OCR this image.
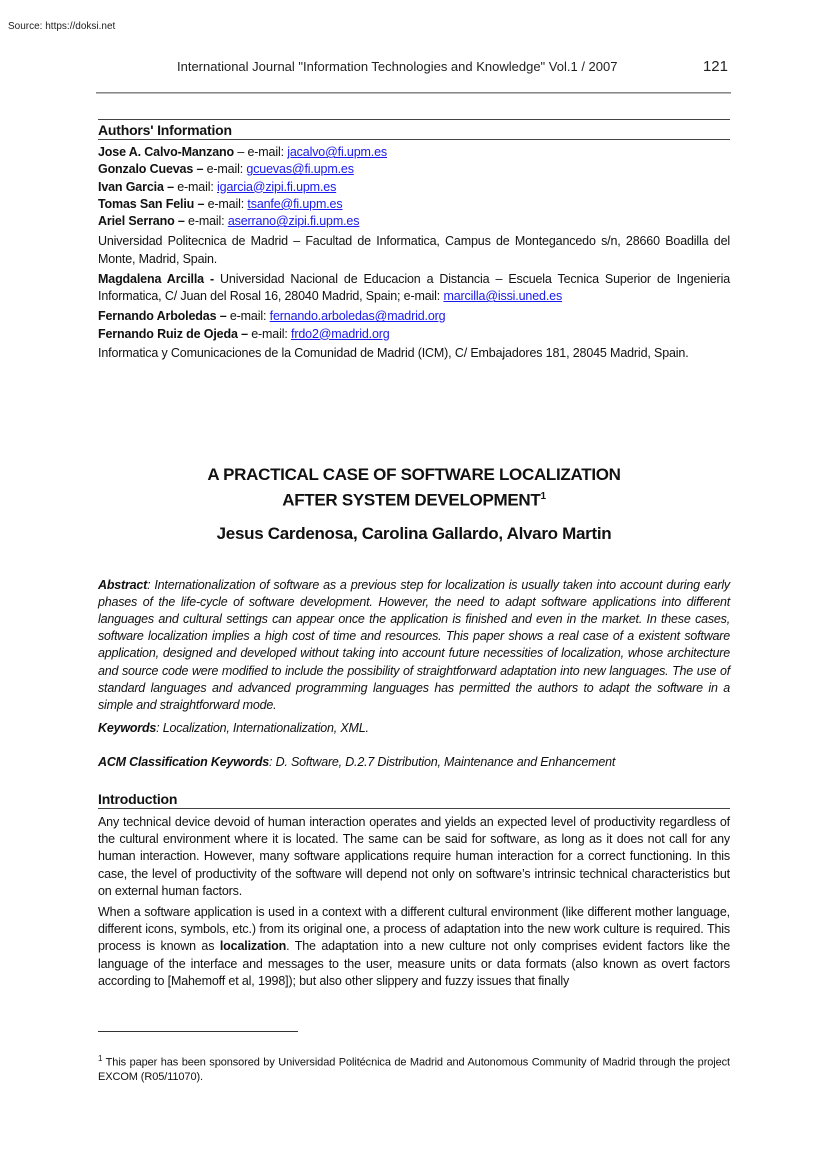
Source: https://doksi.net
International Journal "Information Technologies and Knowledge" Vol.1 / 2007	121
Authors' Information
Jose A. Calvo-Manzano – e-mail: jacalvo@fi.upm.es
Gonzalo Cuevas – e-mail: gcuevas@fi.upm.es
Ivan Garcia – e-mail: igarcia@zipi.fi.upm.es
Tomas San Feliu – e-mail: tsanfe@fi.upm.es
Ariel Serrano – e-mail: aserrano@zipi.fi.upm.es

Universidad Politecnica de Madrid – Facultad de Informatica, Campus de Montegancedo s/n, 28660 Boadilla del Monte, Madrid, Spain.

Magdalena Arcilla - Universidad Nacional de Educacion a Distancia – Escuela Tecnica Superior de Ingenieria Informatica, C/ Juan del Rosal 16, 28040 Madrid, Spain; e-mail: marcilla@issi.uned.es

Fernando Arboledas – e-mail: fernando.arboledas@madrid.org
Fernando Ruiz de Ojeda – e-mail: frdo2@madrid.org

Informatica y Comunicaciones de la Comunidad de Madrid (ICM), C/ Embajadores 181, 28045 Madrid, Spain.

A PRACTICAL CASE OF SOFTWARE LOCALIZATION
AFTER SYSTEM DEVELOPMENT$^1$
Jesus Cardenosa, Carolina Gallardo, Alvaro Martin

Abstract: Internationalization of software as a previous step for localization is usually taken into account during early phases of the life-cycle of software development. However, the need to adapt software applications into different languages and cultural settings can appear once the application is finished and even in the market. In these cases, software localization implies a high cost of time and resources. This paper shows a real case of a existent software application, designed and developed without taking into account future necessities of localization, whose architecture and source code were modified to include the possibility of straightforward adaptation into new languages. The use of standard languages and advanced programming languages has permitted the authors to adapt the software in a simple and straightforward mode.

Keywords: Localization, Internationalization, XML.
ACM Classification Keywords: D. Software, D.2.7 Distribution, Maintenance and Enhancement
Introduction

Any technical device devoid of human interaction operates and yields an expected level of productivity regardless of the cultural environment where it is located. The same can be said for software, as long as it does not call for any human interaction. However, many software applications require human interaction for a correct functioning. In this case, the level of productivity of the software will depend not only on software’s intrinsic technical characteristics but on external human factors.

When a software application is used in a context with a different cultural environment (like different mother language, different icons, symbols, etc.) from its original one, a process of adaptation into the new work culture is required. This process is known as localization. The adaptation into a new culture not only comprises evident factors like the language of the interface and messages to the user, measure units or data formats (also known as overt factors according to [Mahemoff et al, 1998]); but also other slippery and fuzzy issues that finally

$^1$ This paper has been sponsored by Universidad Politécnica de Madrid and Autonomous Community of Madrid through the project EXCOM (R05/11070).
